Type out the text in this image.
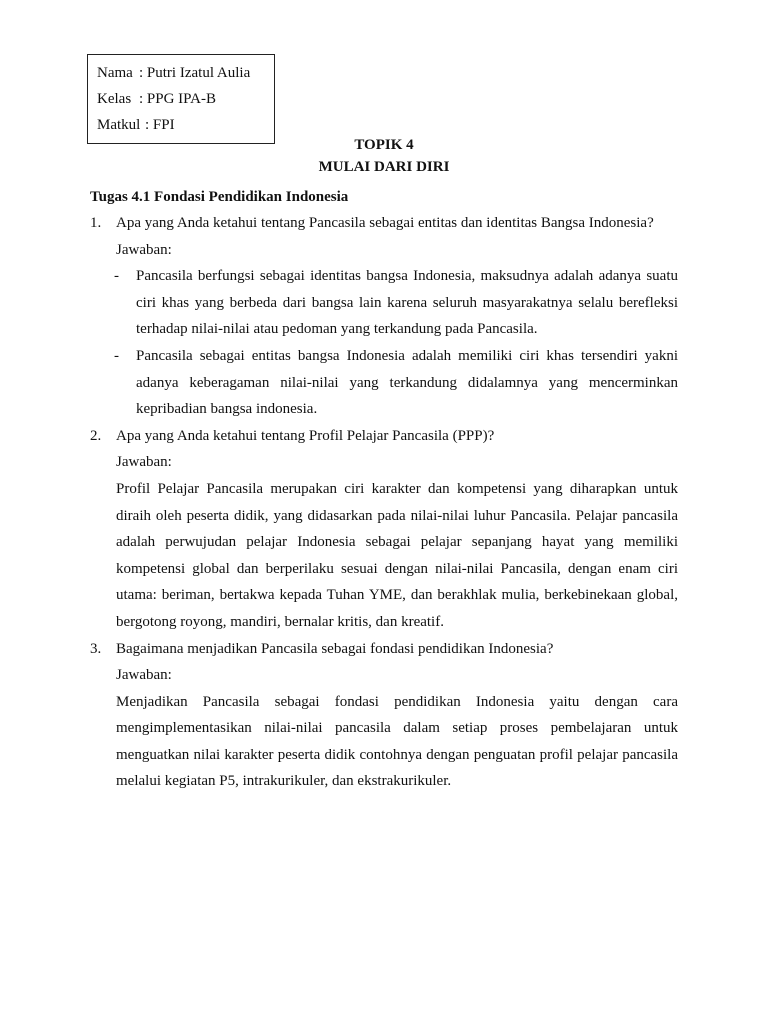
Nama : Putri Izatul Aulia
Kelas : PPG IPA-B
Matkul : FPI
TOPIK 4
MULAI DARI DIRI
Tugas 4.1 Fondasi Pendidikan Indonesia
1. Apa yang Anda ketahui tentang Pancasila sebagai entitas dan identitas Bangsa Indonesia?
Jawaban:
- Pancasila berfungsi sebagai identitas bangsa Indonesia, maksudnya adalah adanya suatu ciri khas yang berbeda dari bangsa lain karena seluruh masyarakatnya selalu berefleksi terhadap nilai-nilai atau pedoman yang terkandung pada Pancasila.
- Pancasila sebagai entitas bangsa Indonesia adalah memiliki ciri khas tersendiri yakni adanya keberagaman nilai-nilai yang terkandung didalamnya yang mencerminkan kepribadian bangsa indonesia.
2. Apa yang Anda ketahui tentang Profil Pelajar Pancasila (PPP)?
Jawaban:
Profil Pelajar Pancasila merupakan ciri karakter dan kompetensi yang diharapkan untuk diraih oleh peserta didik, yang didasarkan pada nilai-nilai luhur Pancasila. Pelajar pancasila adalah perwujudan pelajar Indonesia sebagai pelajar sepanjang hayat yang memiliki kompetensi global dan berperilaku sesuai dengan nilai-nilai Pancasila, dengan enam ciri utama: beriman, bertakwa kepada Tuhan YME, dan berakhlak mulia, berkebinekaan global, bergotong royong, mandiri, bernalar kritis, dan kreatif.
3. Bagaimana menjadikan Pancasila sebagai fondasi pendidikan Indonesia?
Jawaban:
Menjadikan Pancasila sebagai fondasi pendidikan Indonesia yaitu dengan cara mengimplementasikan nilai-nilai pancasila dalam setiap proses pembelajaran untuk menguatkan nilai karakter peserta didik contohnya dengan penguatan profil pelajar pancasila melalui kegiatan P5, intrakurikuler, dan ekstrakurikuler.
